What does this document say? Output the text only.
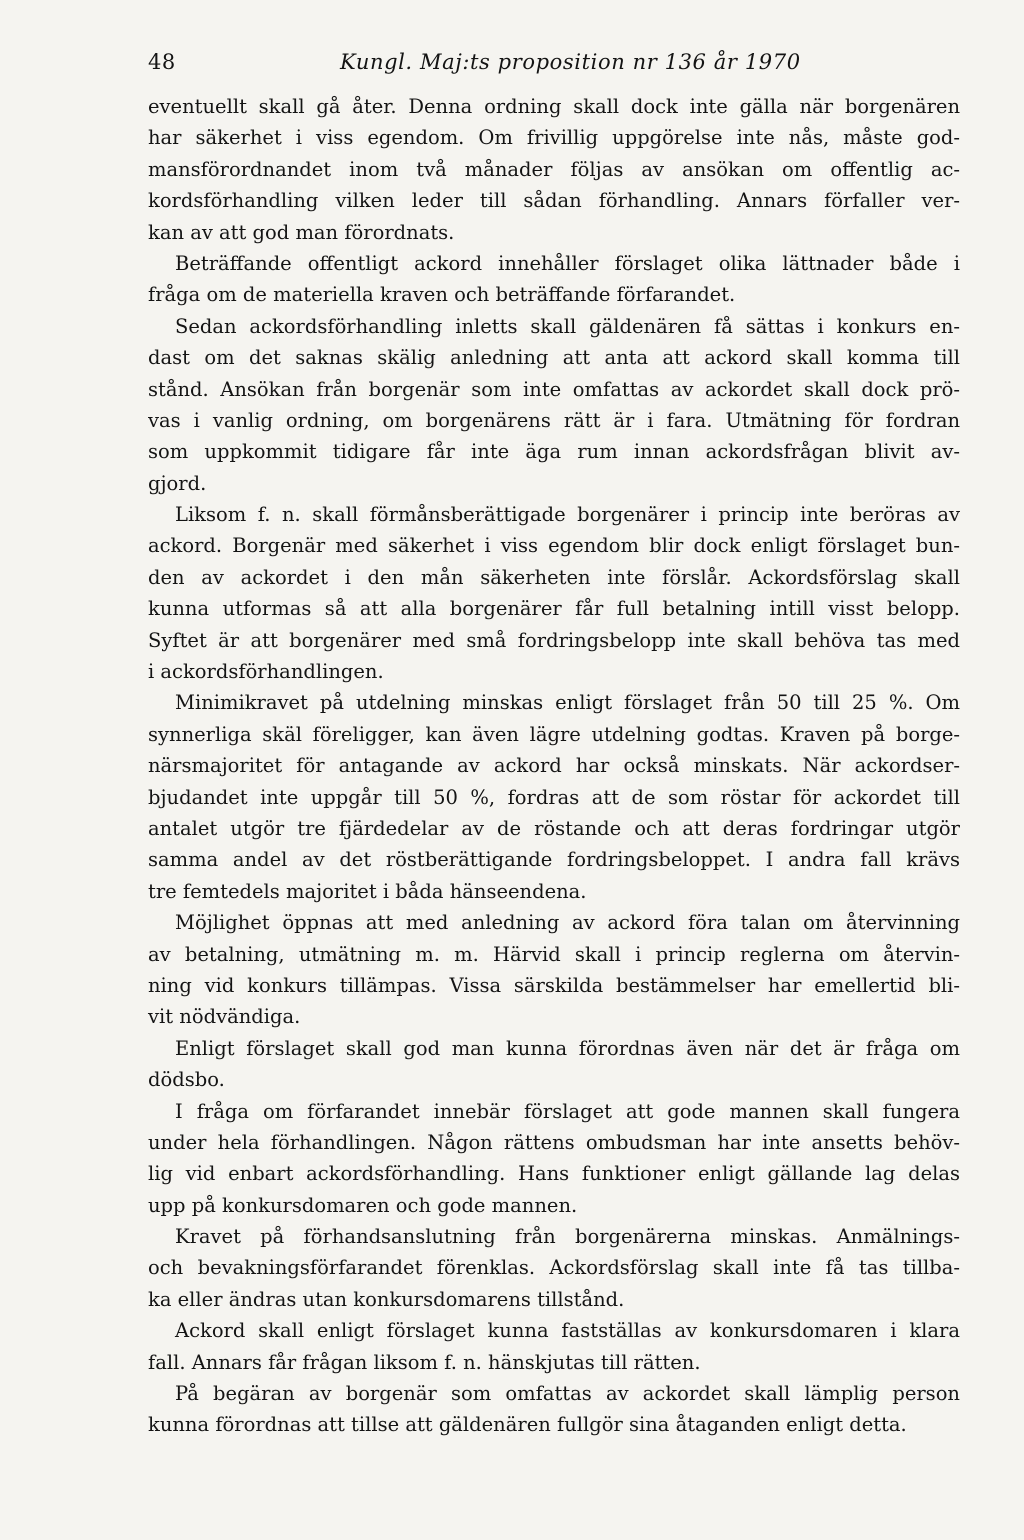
48	Kungl. Maj:ts proposition nr 136 år 1970
eventuellt skall gå åter. Denna ordning skall dock inte gälla när borgenären
har säkerhet i viss egendom. Om frivillig uppgörelse inte nås, måste god-
mansförordnandet inom två månader följas av ansökan om offentlig ac-
kordsförhandling vilken leder till sådan förhandling. Annars förfaller ver-
kan av att god man förordnats.
Beträffande offentligt ackord innehåller förslaget olika lättnader både i
fråga om de materiella kraven och beträffande förfarandet.
Sedan ackordsförhandling inletts skall gäldenären få sättas i konkurs en-
dast om det saknas skälig anledning att anta att ackord skall komma till
stånd. Ansökan från borgenär som inte omfattas av ackordet skall dock prö-
vas i vanlig ordning, om borgenärens rätt är i fara. Utmätning för fordran
som uppkommit tidigare får inte äga rum innan ackordsfrågan blivit av-
gjord.
Liksom f. n. skall förmånsberättigade borgenärer i princip inte beröras av
ackord. Borgenär med säkerhet i viss egendom blir dock enligt förslaget bun-
den av ackordet i den mån säkerheten inte förslår. Ackordsförslag skall
kunna utformas så att alla borgenärer får full betalning intill visst belopp.
Syftet är att borgenärer med små fordringsbelopp inte skall behöva tas med
i ackordsförhandlingen.
Minimikravet på utdelning minskas enligt förslaget från 50 till 25 %. Om
synnerliga skäl föreligger, kan även lägre utdelning godtas. Kraven på borge-
närsmajoritet för antagande av ackord har också minskats. När ackordser-
bjudandet inte uppgår till 50 %, fordras att de som röstar för ackordet till
antalet utgör tre fjärdedelar av de röstande och att deras fordringar utgör
samma andel av det röstberättigande fordringsbeloppet. I andra fall krävs
tre femtedels majoritet i båda hänseendena.
Möjlighet öppnas att med anledning av ackord föra talan om återvinning
av betalning, utmätning m. m. Härvid skall i princip reglerna om återvin-
ning vid konkurs tillämpas. Vissa särskilda bestämmelser har emellertid bli-
vit nödvändiga.
Enligt förslaget skall god man kunna förordnas även när det är fråga om
dödsbo.
I fråga om förfarandet innebär förslaget att gode mannen skall fungera
under hela förhandlingen. Någon rättens ombudsman har inte ansetts behöv-
lig vid enbart ackordsförhandling. Hans funktioner enligt gällande lag delas
upp på konkursdomaren och gode mannen.
Kravet på förhandsanslutning från borgenärerna minskas. Anmälnings-
och bevakningsförfarandet förenklas. Ackordsförslag skall inte få tas tillba-
ka eller ändras utan konkursdomarens tillstånd.
Ackord skall enligt förslaget kunna fastställas av konkursdomaren i klara
fall. Annars får frågan liksom f. n. hänskjutas till rätten.
På begäran av borgenär som omfattas av ackordet skall lämplig person
kunna förordnas att tillse att gäldenären fullgör sina åtaganden enligt detta.
